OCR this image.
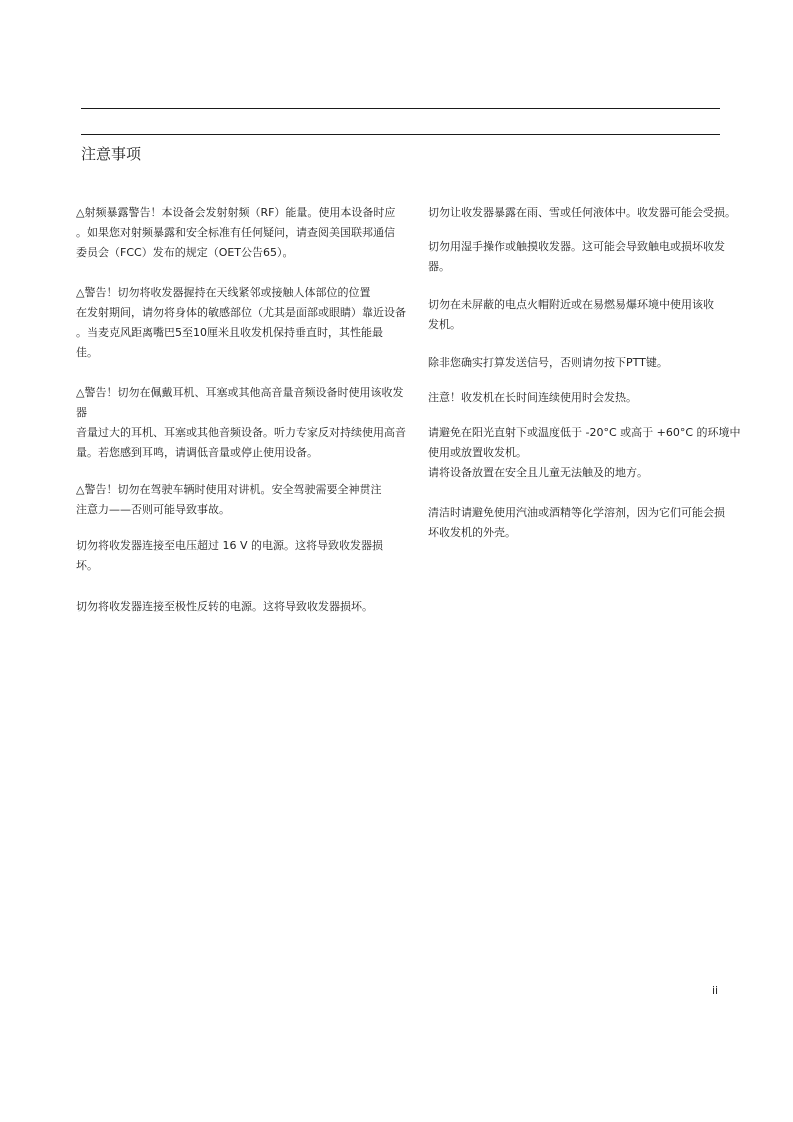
注意事项
△射频暴露警告！本设备会发射射频（RF）能量。使用本设备时应
。如果您对射频暴露和安全标准有任何疑问，请查阅美国联邦通信
委员会（FCC）发布的规定（OET公告65）。
△警告！切勿将收发器握持在天线紧邻或接触人体部位的位置
在发射期间，请勿将身体的敏感部位（尤其是面部或眼睛）靠近设备
。当麦克风距离嘴巴5至10厘米且收发机保持垂直时，其性能最
佳。
△警告！切勿在佩戴耳机、耳塞或其他高音量音频设备时使用该收发
器
音量过大的耳机、耳塞或其他音频设备。听力专家反对持续使用高音
量。若您感到耳鸣，请调低音量或停止使用设备。
△警告！切勿在驾驶车辆时使用对讲机。安全驾驶需要全神贯注
注意力——否则可能导致事故。
切勿将收发器连接至电压超过 16 V 的电源。这将导致收发器损
坏。
切勿将收发器连接至极性反转的电源。这将导致收发器损坏。
切勿让收发器暴露在雨、雪或任何液体中。收发器可能会受损。
切勿用湿手操作或触摸收发器。这可能会导致触电或损坏收发
器。
切勿在未屏蔽的电点火帽附近或在易燃易爆环境中使用该收
发机。
除非您确实打算发送信号，否则请勿按下PTT键。
注意！收发机在长时间连续使用时会发热。
请避免在阳光直射下或温度低于 -20°C 或高于 +60°C 的环境中
使用或放置收发机。
请将设备放置在安全且儿童无法触及的地方。
清洁时请避免使用汽油或酒精等化学溶剂，因为它们可能会损
坏收发机的外壳。
ii
